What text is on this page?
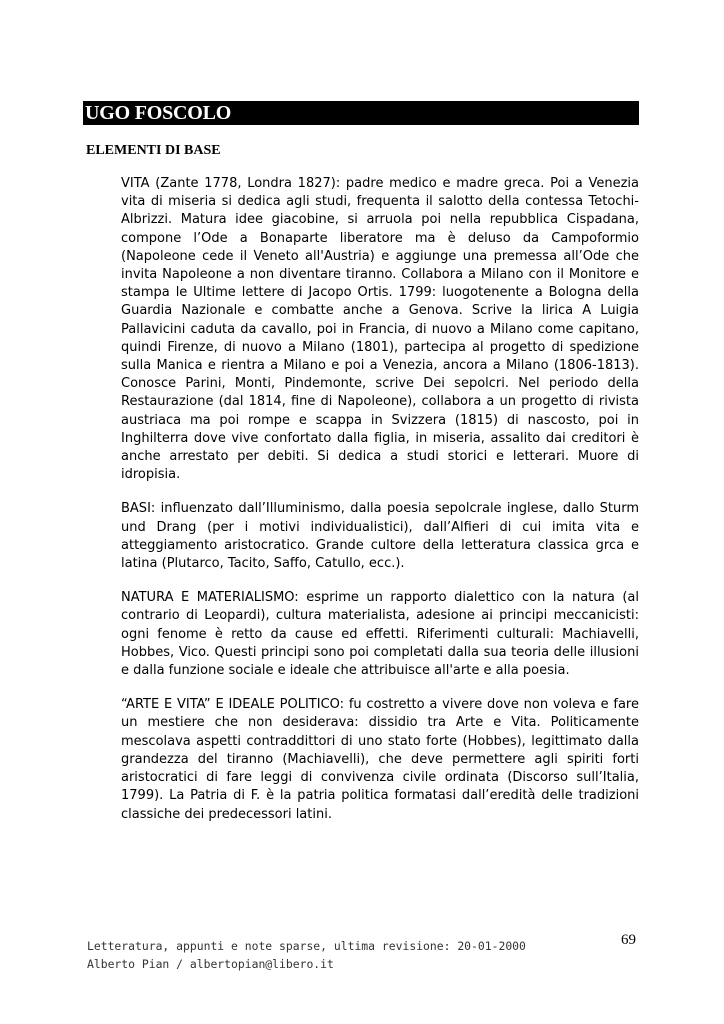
UGO FOSCOLO
ELEMENTI DI BASE

VITA (Zante 1778, Londra 1827): padre medico e madre greca. Poi a Venezia vita di miseria si dedica agli studi, frequenta il salotto della contessa Tetochi-Albrizzi. Matura idee giacobine, si arruola poi nella repubblica Cispadana, compone l’Ode a Bonaparte liberatore ma è deluso da Campoformio (Napoleone cede il Veneto all'Austria) e aggiunge una premessa all’Ode che invita Napoleone a non diventare tiranno. Collabora a Milano con il Monitore e stampa le Ultime lettere di Jacopo Ortis. 1799: luogotenente a Bologna della Guardia Nazionale e combatte anche a Genova. Scrive la lirica A Luigia Pallavicini caduta da cavallo, poi in Francia, di nuovo a Milano come capitano, quindi Firenze, di nuovo a Milano (1801), partecipa al progetto di spedizione sulla Manica e rientra a Milano e poi a Venezia, ancora a Milano (1806-1813). Conosce Parini, Monti, Pindemonte, scrive Dei sepolcri. Nel periodo della Restaurazione (dal 1814, fine di Napoleone), collabora a un progetto di rivista austriaca ma poi rompe e scappa in Svizzera (1815) di nascosto, poi in Inghilterra dove vive confortato dalla figlia, in miseria, assalito dai creditori è anche arrestato per debiti. Si dedica a studi storici e letterari. Muore di idropisia.

BASI: influenzato dall’Illuminismo, dalla poesia sepolcrale inglese, dallo Sturm und Drang (per i motivi individualistici), dall’Alfieri di cui imita vita e atteggiamento aristocratico. Grande cultore della letteratura classica grca e latina (Plutarco, Tacito, Saffo, Catullo, ecc.).

NATURA E MATERIALISMO: esprime un rapporto dialettico con la natura (al contrario di Leopardi), cultura materialista, adesione ai principi meccanicisti: ogni fenome è retto da cause ed effetti. Riferimenti culturali: Machiavelli, Hobbes, Vico. Questi principi sono poi completati dalla sua teoria delle illusioni e dalla funzione sociale e ideale che attribuisce all'arte e alla poesia.

“ARTE E VITA” E IDEALE POLITICO: fu costretto a vivere dove non voleva e fare un mestiere che non desiderava: dissidio tra Arte e Vita. Politicamente mescolava aspetti contraddittori di uno stato forte (Hobbes), legittimato dalla grandezza del tiranno (Machiavelli), che deve permettere agli spiriti forti aristocratici di fare leggi di convivenza civile ordinata (Discorso sull’Italia, 1799). La Patria di F. è la patria politica formatasi dall’eredità delle tradizioni classiche dei predecessori latini.

Letteratura, appunti e note sparse, ultima revisione: 20-01-2000
Alberto Pian / albertopian@libero.it
69
